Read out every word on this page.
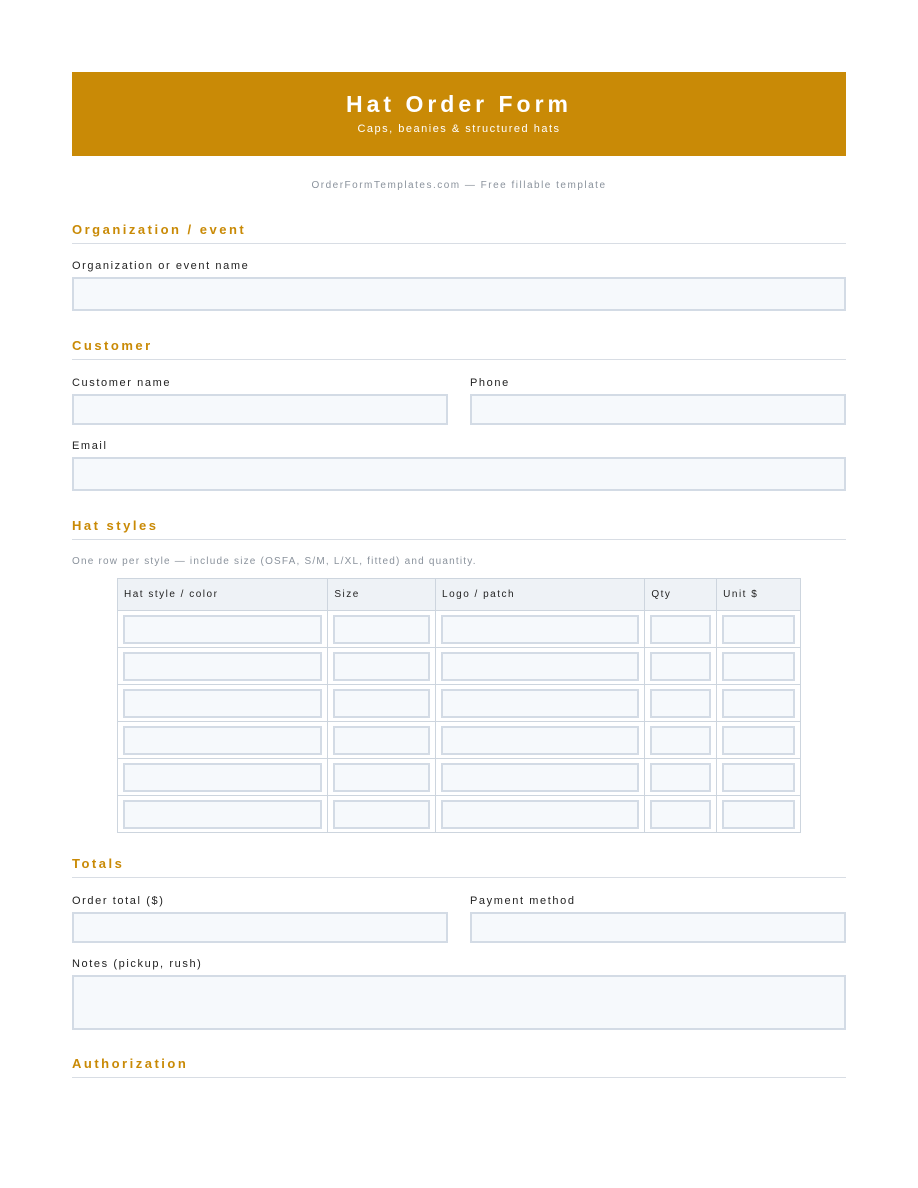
Hat Order Form
Caps, beanies & structured hats
OrderFormTemplates.com — Free fillable template
Organization / event
Organization or event name
Customer
Customer name	Phone
Email
Hat styles
One row per style — include size (OSFA, S/M, L/XL, fitted) and quantity.
Hat style / color	Size	Logo / patch	Qty	Unit $

Totals
Order total ($)	Payment method
Notes (pickup, rush)
Authorization
